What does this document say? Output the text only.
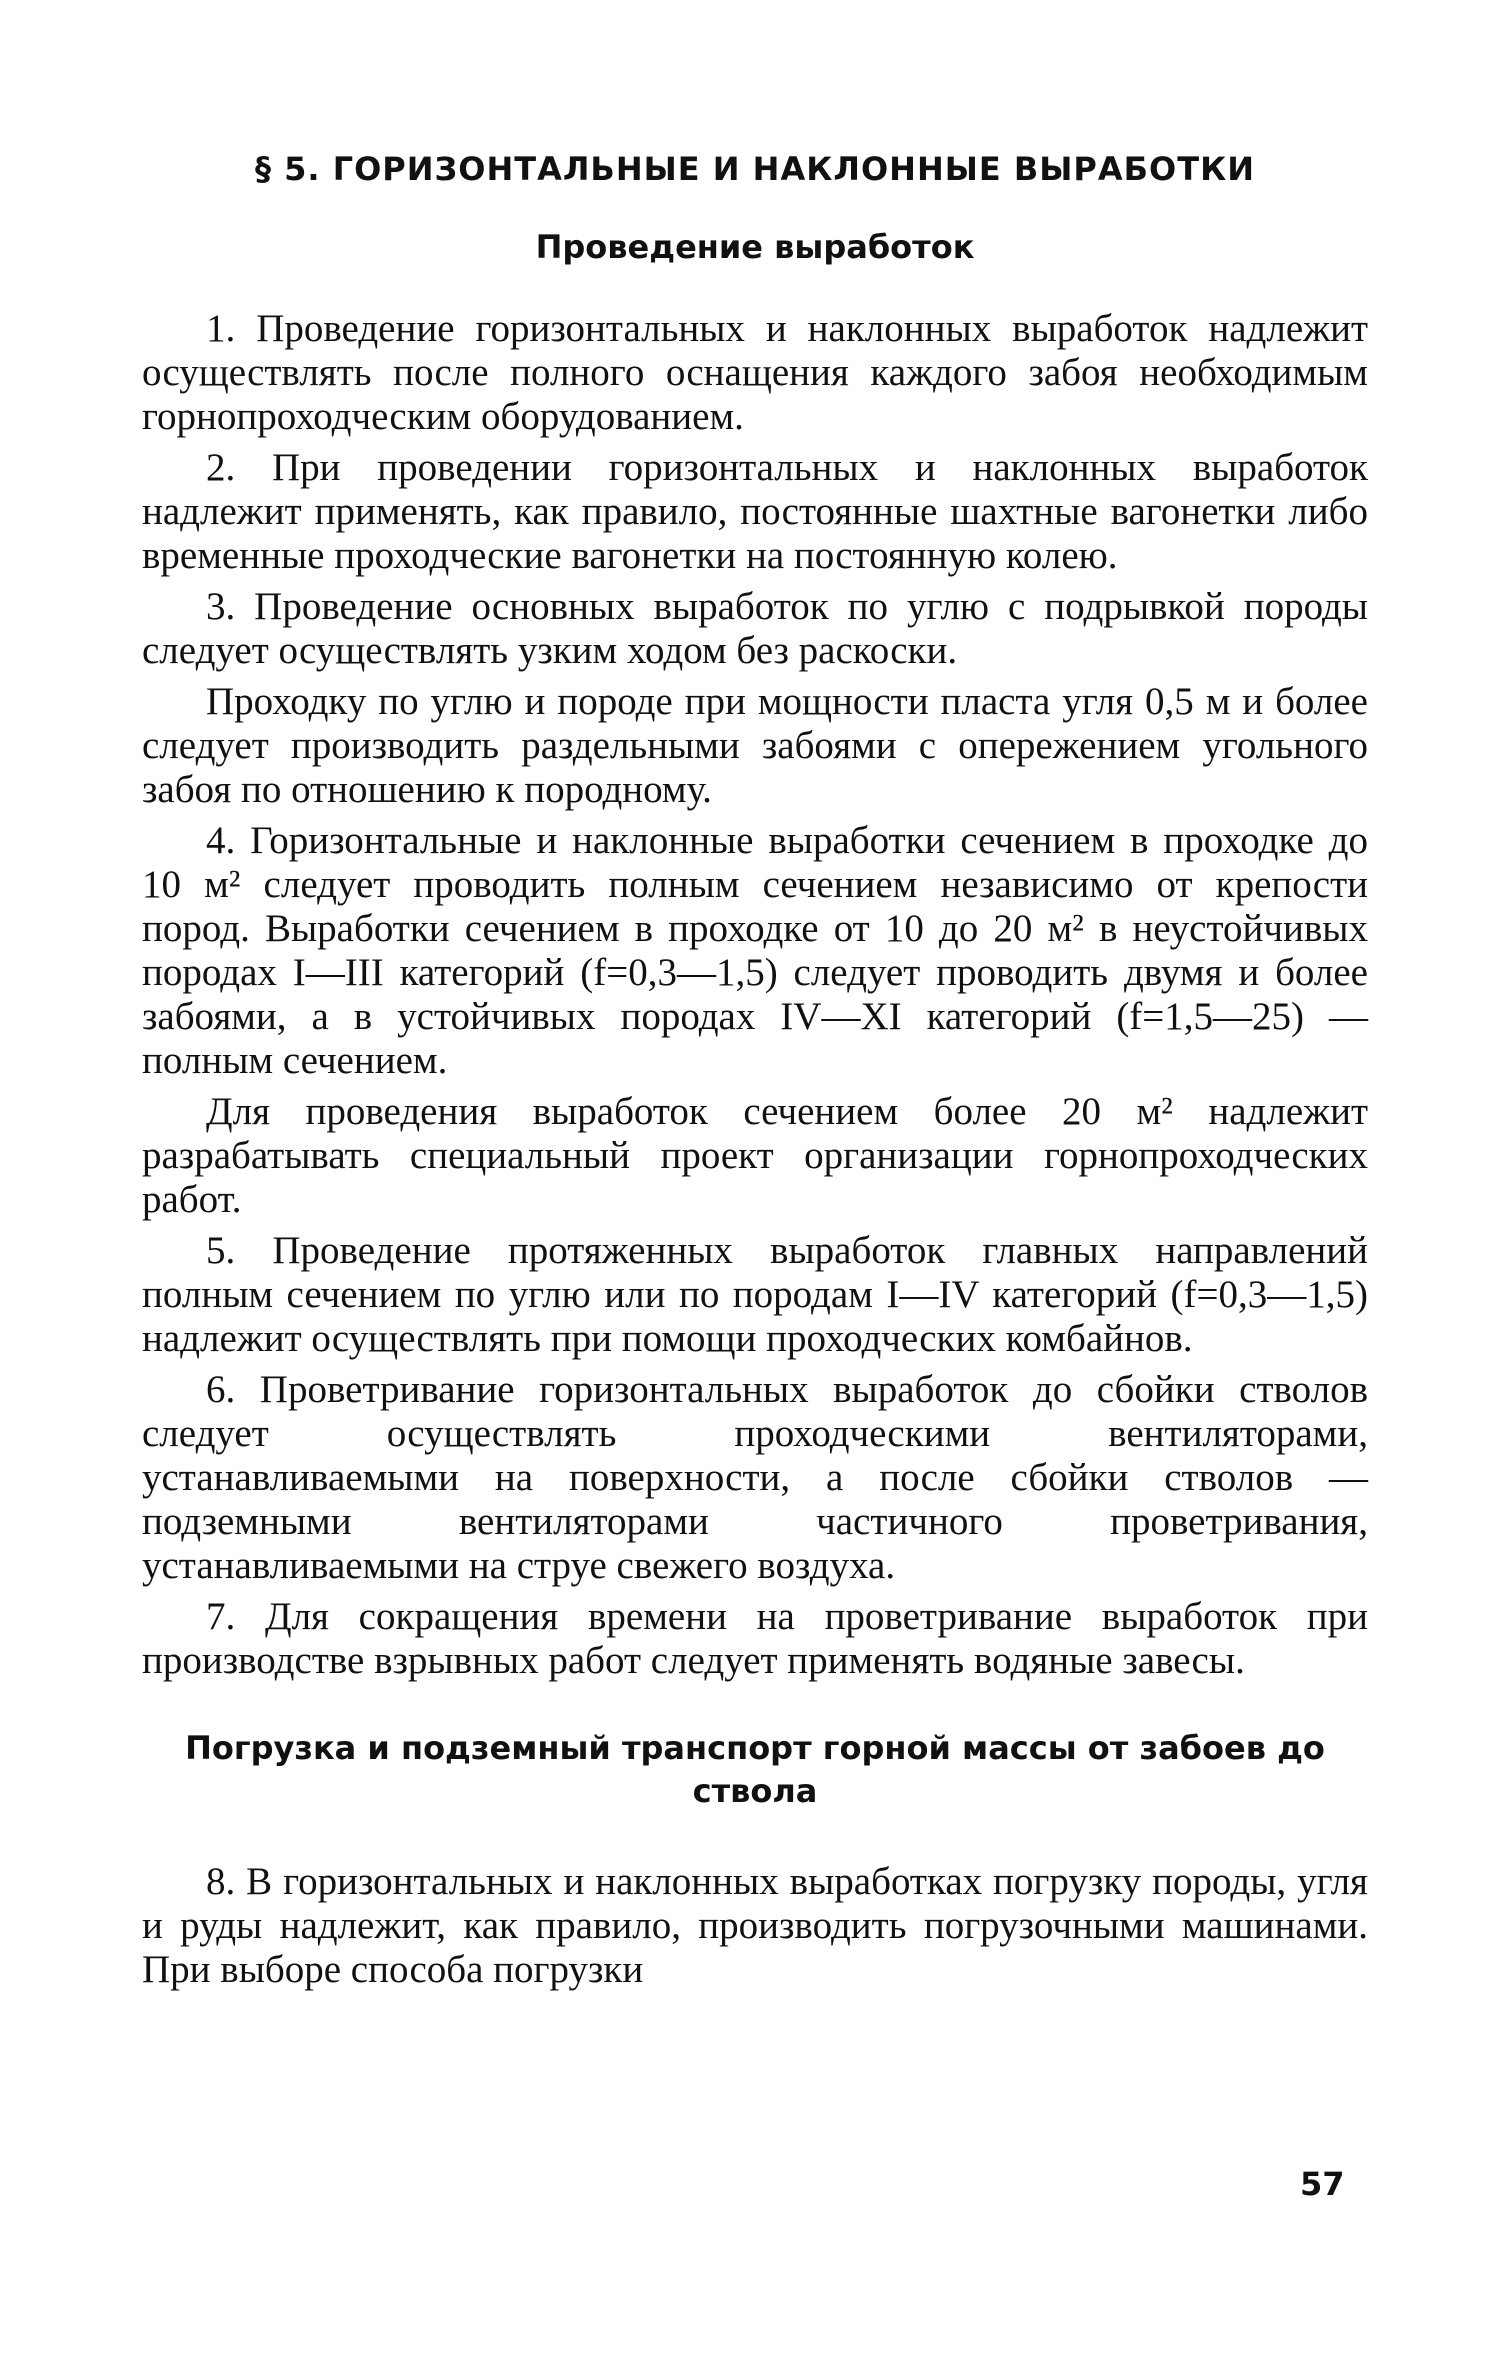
§ 5. ГОРИЗОНТАЛЬНЫЕ И НАКЛОННЫЕ ВЫРАБОТКИ
Проведение выработок

1. Проведение горизонтальных и наклонных выработок надлежит осуществлять после полного оснащения каждого забоя необходимым горнопроходческим оборудованием.

2. При проведении горизонтальных и наклонных выработок надлежит применять, как правило, постоянные шахтные вагонетки либо временные проходческие вагонетки на постоянную колею.

3. Проведение основных выработок по углю с подрывкой породы следует осуществлять узким ходом без раскоски.

Проходку по углю и породе при мощности пласта угля 0,5 м и более следует производить раздельными забоями с опережением угольного забоя по отношению к породному.

4. Горизонтальные и наклонные выработки сечением в проходке до 10 м² следует проводить полным сечением независимо от крепости пород. Выработки сечением в проходке от 10 до 20 м² в неустойчивых породах I—III категорий (f=0,3—1,5) следует проводить двумя и более забоями, а в устойчивых породах IV—XI категорий (f=1,5—25) — полным сечением.

Для проведения выработок сечением более 20 м² надлежит разрабатывать специальный проект организации горнопроходческих работ.

5. Проведение протяженных выработок главных направлений полным сечением по углю или по породам I—IV категорий (f=0,3—1,5) надлежит осуществлять при помощи проходческих комбайнов.

6. Проветривание горизонтальных выработок до сбойки стволов следует осуществлять проходческими вентиляторами, устанавливаемыми на поверхности, а после сбойки стволов — подземными вентиляторами частичного проветривания, устанавливаемыми на струе свежего воздуха.

7. Для сокращения времени на проветривание выработок при производстве взрывных работ следует применять водяные завесы.

Погрузка и подземный транспорт горной массы от забоев до ствола

8. В горизонтальных и наклонных выработках погрузку породы, угля и руды надлежит, как правило, производить погрузочными машинами. При выборе способа погрузки

57
